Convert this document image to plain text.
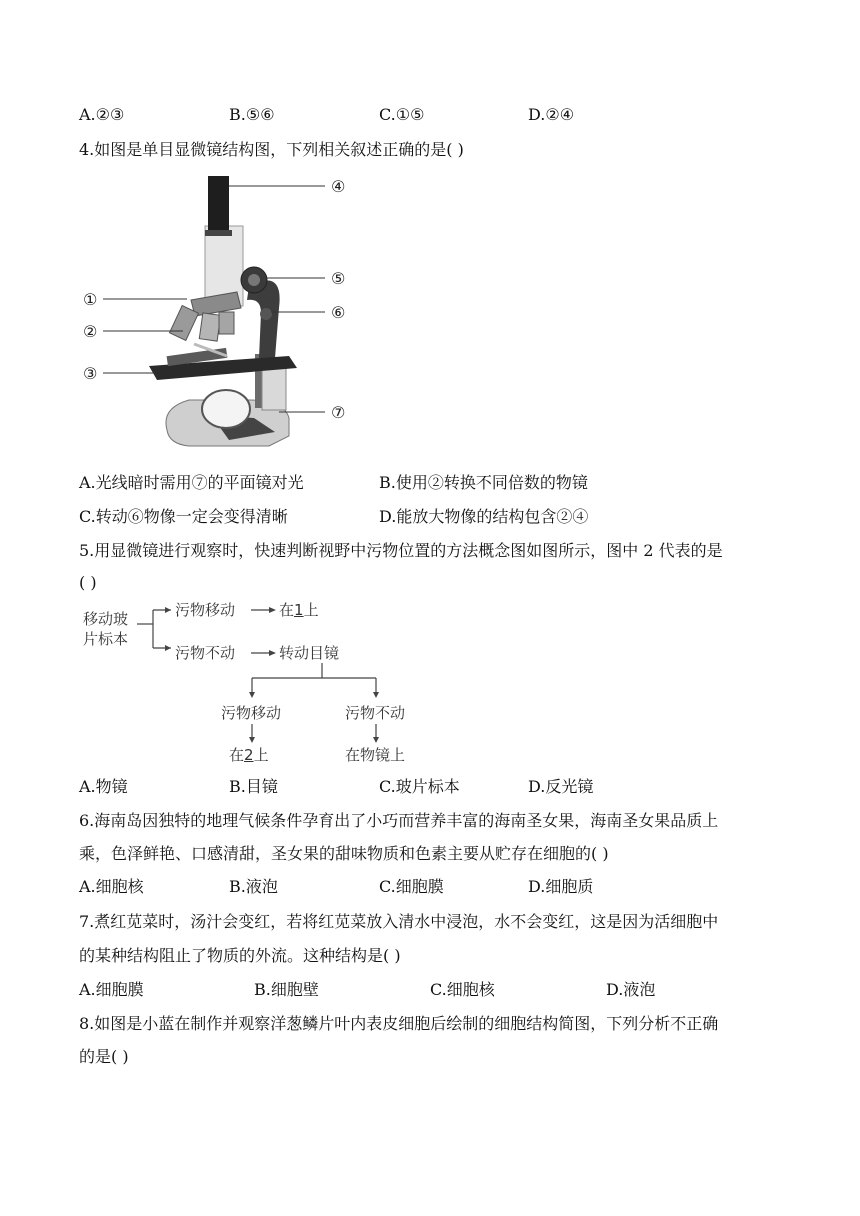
A.②③	B.⑤⑥	C.①⑤	D.②④
4.如图是单目显微镜结构图，下列相关叙述正确的是( )
①
②
③
④
⑤
⑥
⑦
A.光线暗时需用⑦的平面镜对光	B.使用②转换不同倍数的物镜
C.转动⑥物像一定会变得清晰	D.能放大物像的结构包含②④
5.用显微镜进行观察时，快速判断视野中污物位置的方法概念图如图所示，图中 2 代表的是
( )
移动玻
片标本
污物移动	在1上
污物不动	转动目镜
污物移动	污物不动
在2上	在物镜上
A.物镜	B.目镜	C.玻片标本	D.反光镜
6.海南岛因独特的地理气候条件孕育出了小巧而营养丰富的海南圣女果，海南圣女果品质上
乘，色泽鲜艳、口感清甜，圣女果的甜味物质和色素主要从贮存在细胞的( )
A.细胞核	B.液泡	C.细胞膜	D.细胞质
7.煮红苋菜时，汤汁会变红，若将红苋菜放入清水中浸泡，水不会变红，这是因为活细胞中
的某种结构阻止了物质的外流。这种结构是( )
A.细胞膜	B.细胞壁	C.细胞核	D.液泡
8.如图是小蓝在制作并观察洋葱鳞片叶内表皮细胞后绘制的细胞结构简图，下列分析不正确
的是( )
